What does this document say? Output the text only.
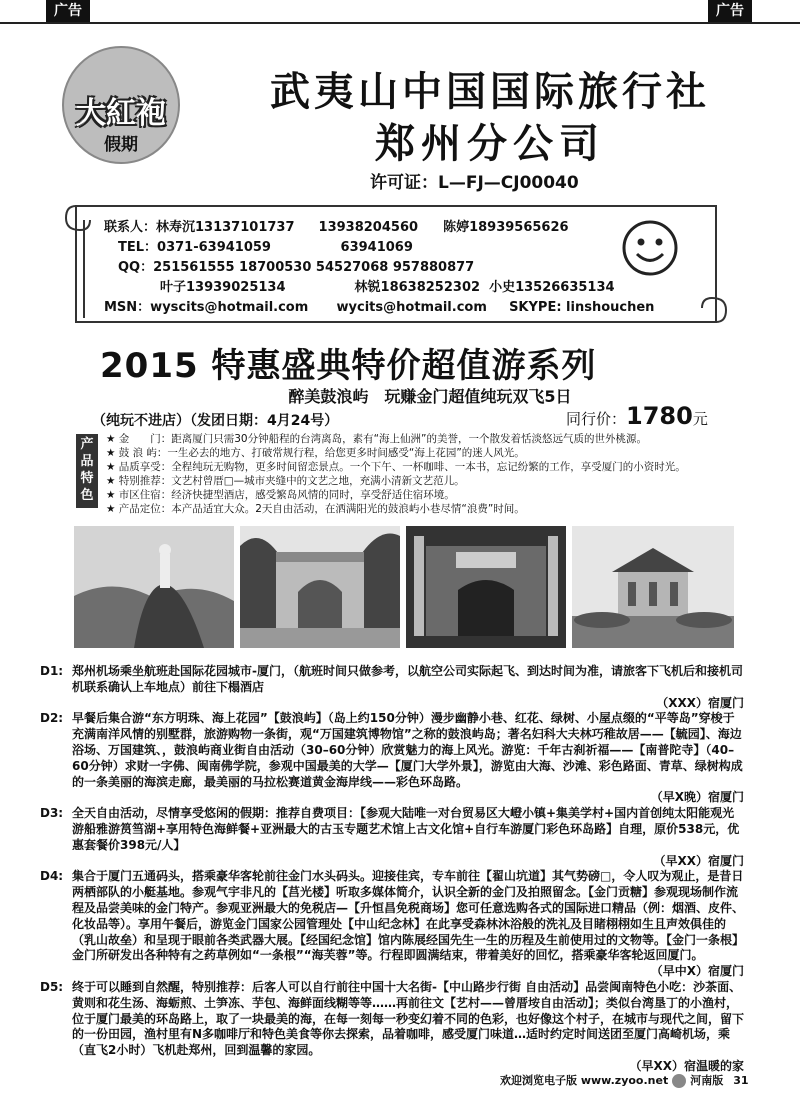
广告	广告
大紅袍
假期
武夷山中国国际旅行社
郑州分公司
许可证：L—FJ—CJ00040
联系人：林寿沉13137101737 13938204560 陈婷18939565626
TEL：0371-63941059	63941069
QQ：251561555 18700530 54527068 957880877
叶子13939025134	林锐18638252302 小史13526635134
MSN：wyscits@hotmail.com wycits@hotmail.com SKYPE: linshouchen
2015 特惠盛典特价超值游系列
醉美鼓浪屿　玩赚金门超值纯玩双飞5日
（纯玩不进店）（发团日期：4月24号）	同行价：1780元
产品特色
★ 金　　门：距离厦门只需30分钟船程的台湾离岛，素有“海上仙洲”的美誉，一个散发着恬淡悠远气质的世外桃源。
★ 鼓 浪 屿：一生必去的地方、打破常规行程，给您更多时间感受“海上花园”的迷人风光。
★ 品质享受：全程纯玩无购物，更多时间留恋景点。一个下午、一杯咖啡、一本书，忘记纷繁的工作，享受厦门的小资时光。
★ 特别推荐：文艺村曾厝□—城市夹缝中的文艺之地，充满小清新文艺范儿。
★ 市区住宿：经济快捷型酒店，感受繁岛风情的同时，享受舒适住宿环境。
★ 产品定位：本产品适宜大众。2天自由活动，在洒满阳光的鼓浪屿小巷尽情“浪费”时间。
D1: 郑州机场乘坐航班赴国际花园城市-厦门，（航班时间只做参考，以航空公司实际起飞、到达时间为准，请旅客下飞机后和接机司机联系确认上车地点）前往下榻酒店
（XXX）宿厦门
D2: 早餐后集合游“东方明珠、海上花园”【鼓浪屿】（岛上约150分钟）漫步幽静小巷、红花、绿树、小屋点缀的“平等岛”穿梭于充满南洋风情的别墅群，旅游购物一条街，观“万国建筑博物馆”之称的鼓浪屿岛；著名妇科大夫林巧稚故居——【毓园】、海边浴场、万国建筑、，鼓浪屿商业街自由活动（30–60分钟）欣赏魅力的海上风光。游览：千年古刹祈福——【南普陀寺】（40–60分钟）求财一字佛、闽南佛学院，参观中国最美的大学—【厦门大学外景】，游览由大海、沙滩、彩色路面、青草、绿树构成的一条美丽的海滨走廊，最美丽的马拉松赛道黄金海岸线——彩色环岛路。
（早X晚）宿厦门
D3: 全天自由活动，尽情享受悠闲的假期：推荐自费项目：【参观大陆唯一对台贸易区大嶝小镇+集美学村+国内首创纯太阳能观光游船雅游筼筜湖+享用特色海鲜餐+亚洲最大的古玉专题艺术馆上古文化馆+自行车游厦门彩色环岛路】自理，原价538元，优惠套餐价398元/人】
（早XX）宿厦门
D4: 集合于厦门五通码头，搭乘豪华客轮前往金门水头码头。迎接佳宾，专车前往【翟山坑道】其气势磅□，令人叹为观止，是昔日两栖部队的小艇基地。参观气宇非凡的【莒光楼】听取多媒体简介，认识全新的金门及拍照留念。【金门贡糖】参观现场制作流程及品尝美味的金门特产。参观亚洲最大的免税店—【升恒昌免税商场】您可任意选购各式的国际进口精品（例：烟酒、皮件、化妆品等）。享用午餐后，游览金门国家公园管理处【中山纪念林】在此享受森林沐浴般的洗礼及目睹栩栩如生且声效俱佳的（乳山故垒）和呈现于眼前各类武器大展。【经国纪念馆】馆内陈展经国先生一生的历程及生前使用过的文物等。【金门一条根】金门所研发出各种特有之药草例如“一条根”“海芙蓉”等。行程即圆满结束，带着美好的回忆，搭乘豪华客轮返回厦门。
（早中X）宿厦门
D5: 终于可以睡到自然醒，特别推荐：后客人可以自行前往中国十大名街-【中山路步行街 自由活动】品尝闽南特色小吃：沙茶面、黄则和花生汤、海蛎煎、土笋冻、芋包、海鲜面线糊等等……再前往文【艺村——曾厝垵自由活动】；类似台湾垦丁的小渔村，位于厦门最美的环岛路上，取了一块最美的海，在每一刻每一秒变幻着不同的色彩，也好像这个村子，在城市与现代之间，留下的一份田园，渔村里有N多咖啡厅和特色美食等你去探索，品着咖啡，感受厦门味道…适时约定时间送团至厦门高崎机场，乘（直飞2小时）飞机赴郑州，回到温馨的家园。
（早XX）宿温暖的家
欢迎浏览电子版 www.zyoo.net 河南版 31
